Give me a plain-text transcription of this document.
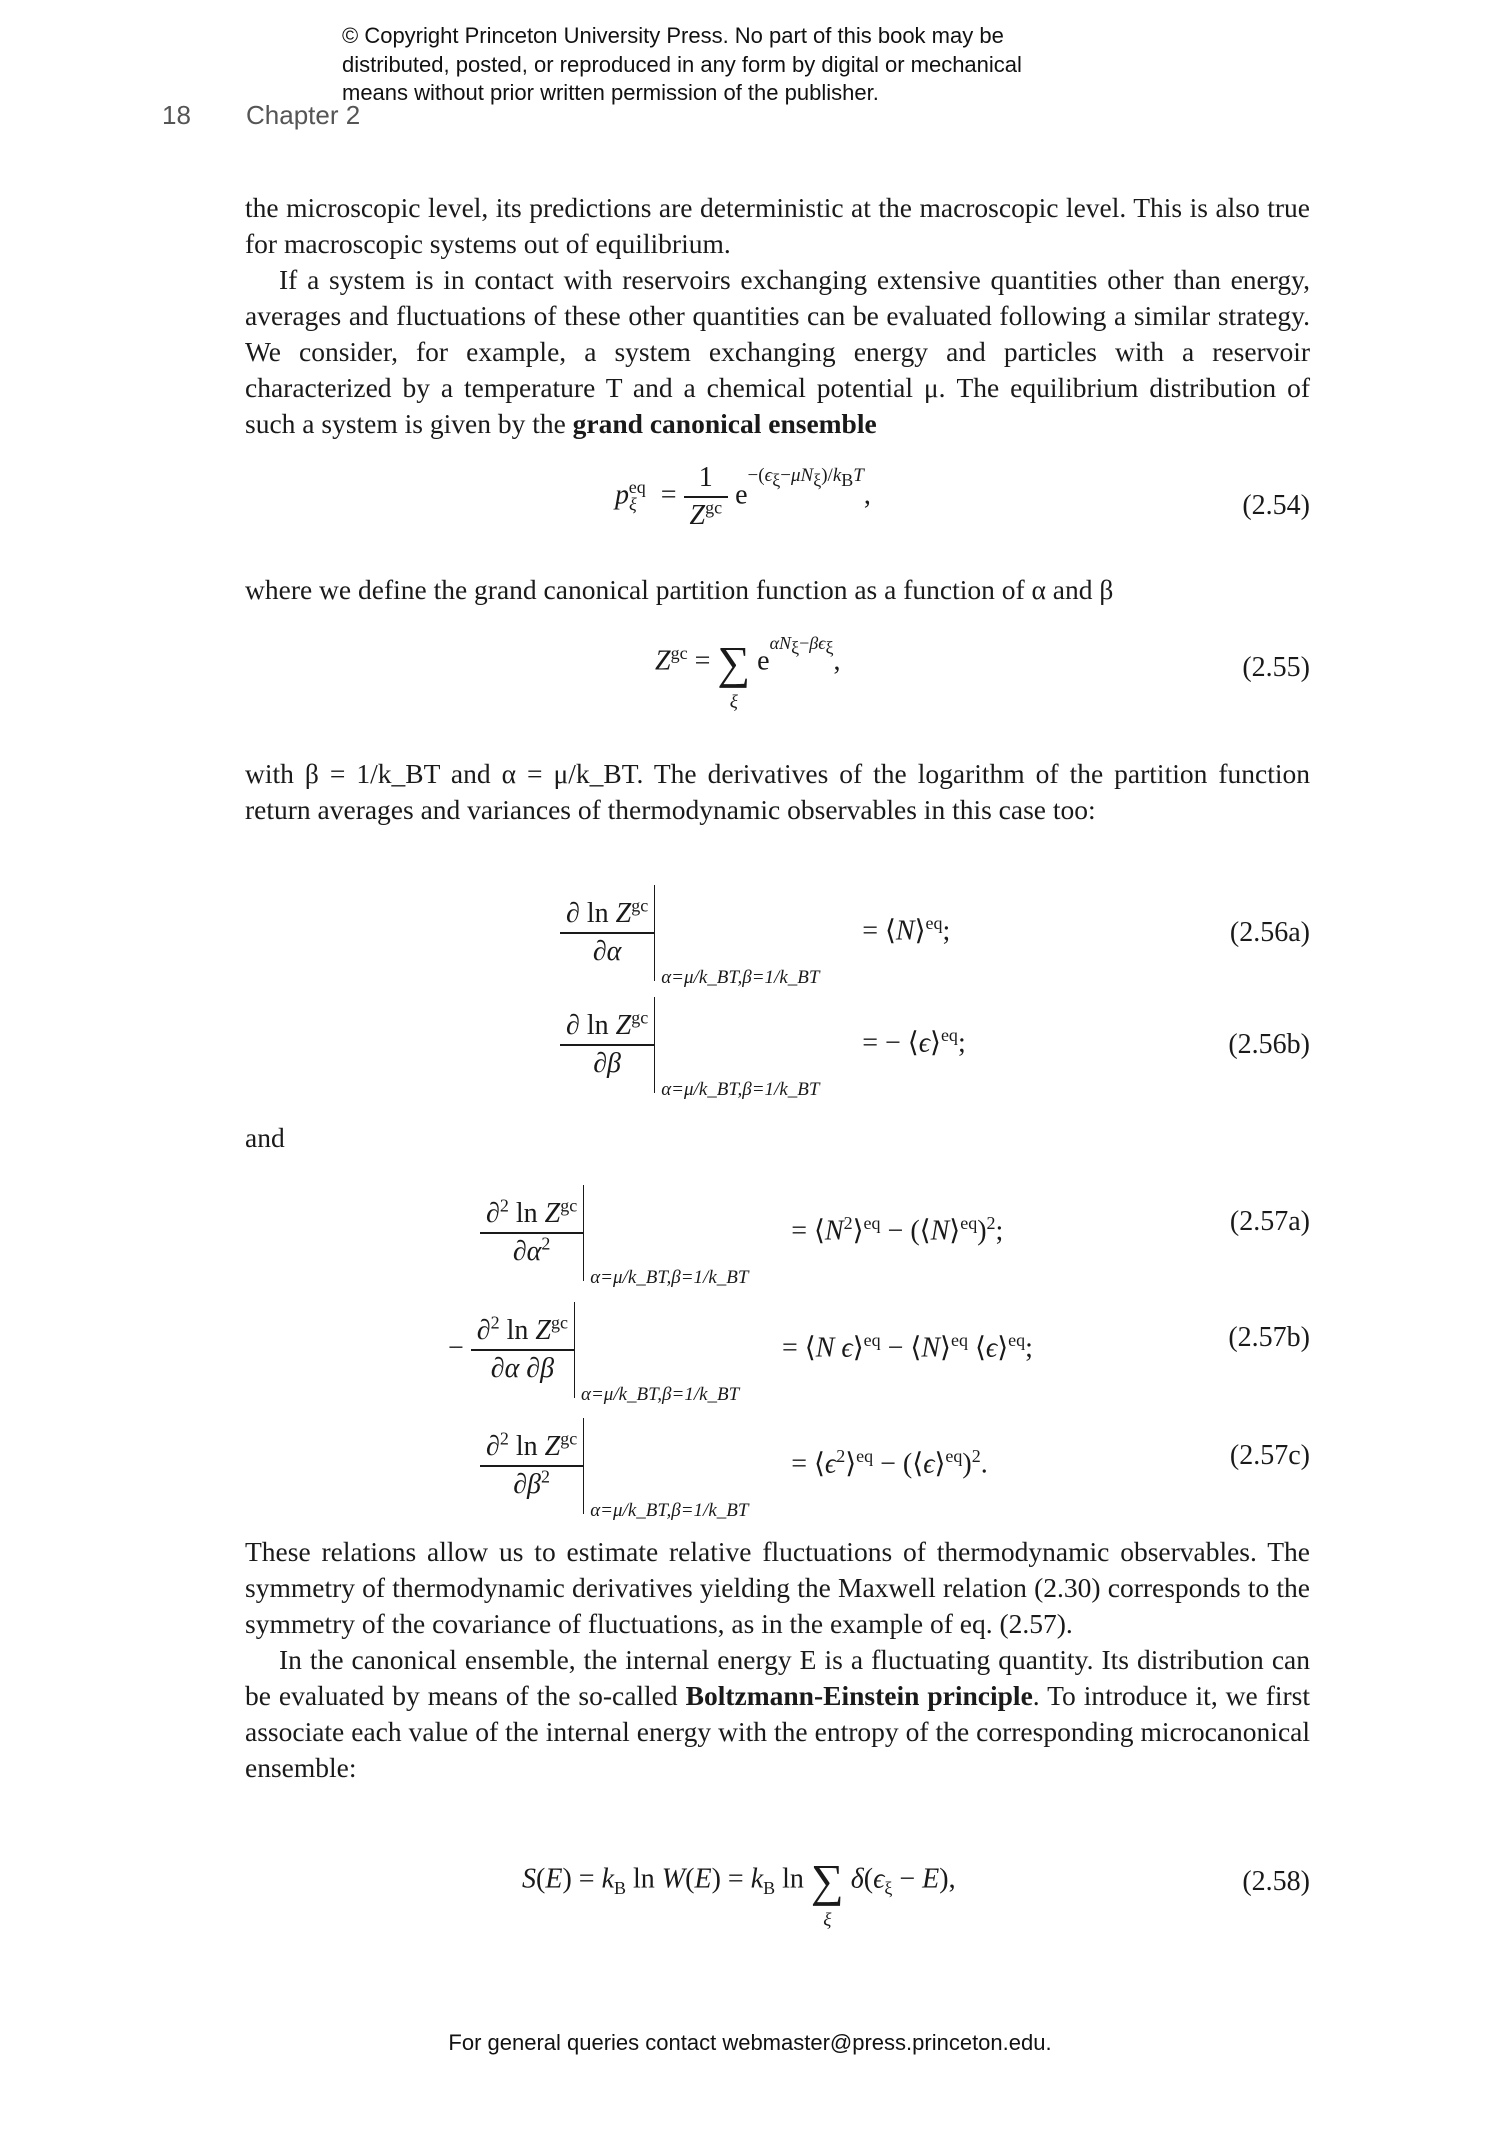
© Copyright Princeton University Press. No part of this book may be
distributed, posted, or reproduced in any form by digital or mechanical
means without prior written permission of the publisher.
18 Chapter 2

the microscopic level, its predictions are deterministic at the macroscopic level. This is also true for macroscopic systems out of equilibrium.

If a system is in contact with reservoirs exchanging extensive quantities other than energy, averages and fluctuations of these other quantities can be evaluated following a similar strategy. We consider, for example, a system exchanging energy and particles with a reservoir characterized by a temperature T and a chemical potential μ. The equilibrium distribution of such a system is given by the grand canonical ensemble

$p_\xi^{eq} = \frac{1}{Z^{gc}} e^{-(\epsilon_\xi-\mu N_\xi)/k_BT}$,	(2.54)
where we define the grand canonical partition function as a function of α and β
$Z^{gc}$ = ∑
ξ
$e^{\alpha N_\xi-\beta\epsilon_\xi}$,	(2.55)
with β = 1/k_BT and α = μ/k_BT. The derivatives of the logarithm of the partition function return averages and variances of thermodynamic observables in this case too:
$\frac{\partial \ln Z^{gc}}{\partial\alpha}$
α=μ/k_BT,β=1/k_BT
= ⟨N⟩$^{eq}$;	(2.56a)
$\frac{\partial \ln Z^{gc}}{\partial\beta}$
α=μ/k_BT,β=1/k_BT
= − ⟨ϵ⟩$^{eq}$;	(2.56b)
and
$\frac{\partial^2 \ln Z^{gc}}{\partial\alpha^2}$
α=μ/k_BT,β=1/k_BT
= $⟨N^2⟩^{eq}$ − (⟨N⟩$^{eq}$)$^2$;	(2.57a)
− $\frac{\partial^2 \ln Z^{gc}}{\partial\alpha \partial\beta}$
α=μ/k_BT,β=1/k_BT
= ⟨N ϵ⟩$^{eq}$ − ⟨N⟩$^{eq}$ ⟨ϵ⟩$^{eq}$;	(2.57b)
$\frac{\partial^2 \ln Z^{gc}}{\partial\beta^2}$
α=μ/k_BT,β=1/k_BT
= $⟨\epsilon^2⟩^{eq}$ − (⟨ϵ⟩$^{eq}$)$^2$.	(2.57c)

These relations allow us to estimate relative fluctuations of thermodynamic observables. The symmetry of thermodynamic derivatives yielding the Maxwell relation (2.30) corresponds to the symmetry of the covariance of fluctuations, as in the example of eq. (2.57).

In the canonical ensemble, the internal energy E is a fluctuating quantity. Its distribution can be evaluated by means of the so-called Boltzmann-Einstein principle. To introduce it, we first associate each value of the internal energy with the entropy of the corresponding microcanonical ensemble:

$S(E) = k_B$ $\ln W(E) = k_B$ ln ∑
ξ
$\delta(\epsilon_\xi - E)$,	(2.58)
For general queries contact webmaster@press.princeton.edu.
